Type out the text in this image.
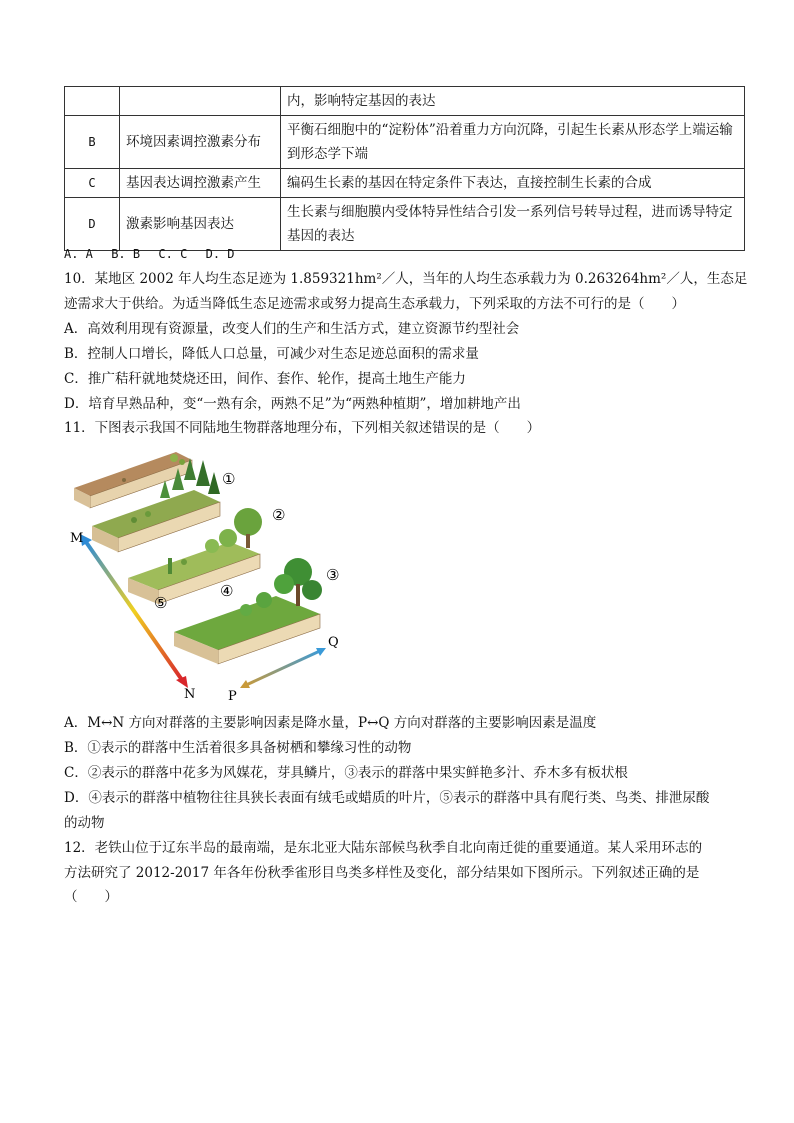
		内，影响特定基因的表达
B	环境因素调控激素分布	平衡石细胞中的“淀粉体”沿着重力方向沉降，引起生长素从形态学上端运输到形态学下端
C	基因表达调控激素产生	编码生长素的基因在特定条件下表达，直接控制生长素的合成
D	激素影响基因表达	生长素与细胞膜内受体特异性结合引发一系列信号转导过程，进而诱导特定基因的表达
A. A B. B C. C D. D
10．某地区 2002 年人均生态足迹为 1.859321hm²／人，当年的人均生态承载力为 0.263264hm²／人，生态足
迹需求大于供给。为适当降低生态足迹需求或努力提高生态承载力，下列采取的方法不可行的是（　　）
A．高效利用现有资源量，改变人们的生产和生活方式，建立资源节约型社会
B．控制人口增长，降低人口总量，可减少对生态足迹总面积的需求量
C．推广秸秆就地焚烧还田，间作、套作、轮作，提高土地生产能力
D．培育早熟品种，变“一熟有余，两熟不足”为“两熟种植期”，增加耕地产出
11．下图表示我国不同陆地生物群落地理分布，下列相关叙述错误的是（　　）
M
N	P
Q
①
②
③
④
⑤
A．M↔N 方向对群落的主要影响因素是降水量，P↔Q 方向对群落的主要影响因素是温度
B．①表示的群落中生活着很多具备树栖和攀缘习性的动物
C．②表示的群落中花多为风媒花，芽具鳞片，③表示的群落中果实鲜艳多汁、乔木多有板状根
D．④表示的群落中植物往往具狭长表面有绒毛或蜡质的叶片，⑤表示的群落中具有爬行类、鸟类、排泄尿酸
的动物
12．老铁山位于辽东半岛的最南端，是东北亚大陆东部候鸟秋季自北向南迁徙的重要通道。某人采用环志的
方法研究了 2012-2017 年各年份秋季雀形目鸟类多样性及变化，部分结果如下图所示。下列叙述正确的是
（　　）
